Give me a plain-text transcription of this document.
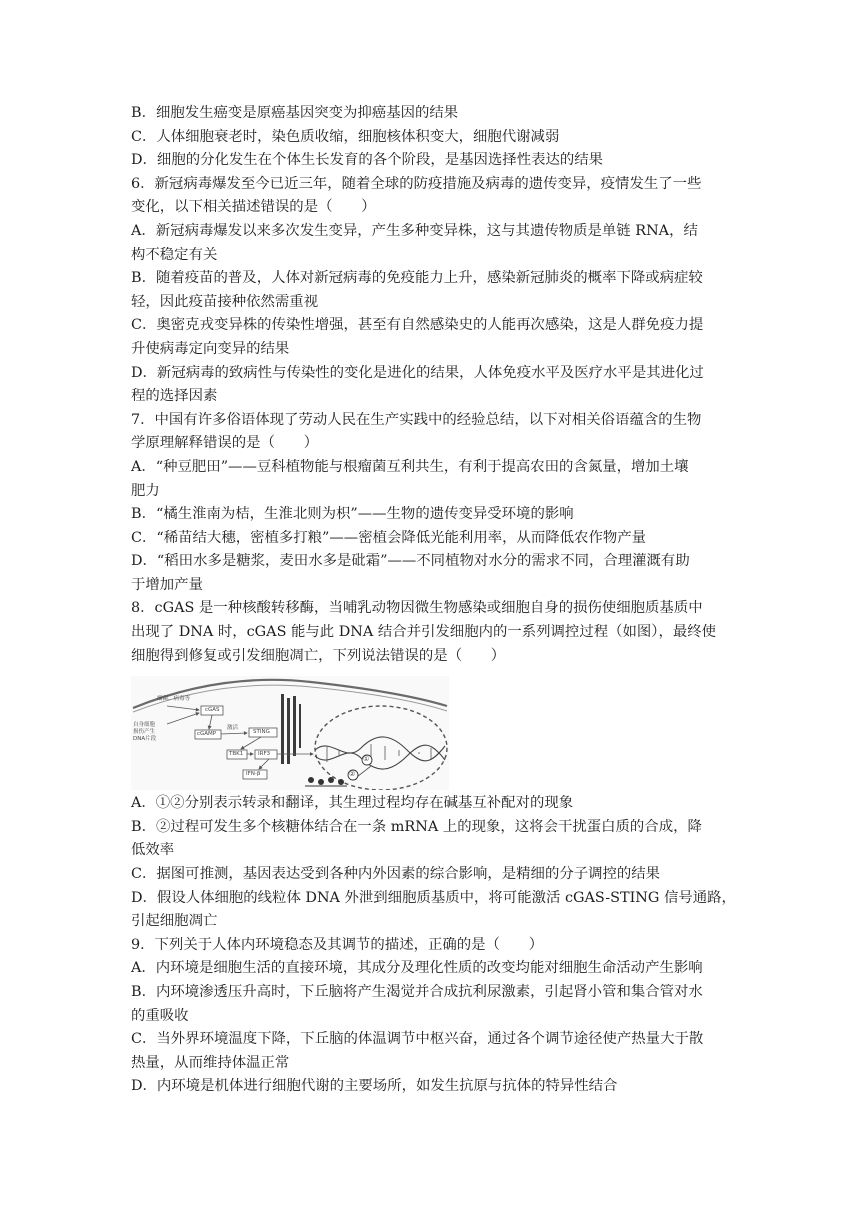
B．细胞发生癌变是原癌基因突变为抑癌基因的结果

C．人体细胞衰老时，染色质收缩，细胞核体积变大，细胞代谢减弱

D．细胞的分化发生在个体生长发育的各个阶段，是基因选择性表达的结果

6．新冠病毒爆发至今已近三年，随着全球的防疫措施及病毒的遗传变异，疫情发生了一些

变化，以下相关描述错误的是（　　）

A．新冠病毒爆发以来多次发生变异，产生多种变异株，这与其遗传物质是单链 RNA，结

构不稳定有关

B．随着疫苗的普及，人体对新冠病毒的免疫能力上升，感染新冠肺炎的概率下降或病症较

轻，因此疫苗接种依然需重视

C．奥密克戎变异株的传染性增强，甚至有自然感染史的人能再次感染，这是人群免疫力提

升使病毒定向变异的结果

D．新冠病毒的致病性与传染性的变化是进化的结果，人体免疫水平及医疗水平是其进化过

程的选择因素

7．中国有许多俗语体现了劳动人民在生产实践中的经验总结，以下对相关俗语蕴含的生物

学原理解释错误的是（　　）

A．“种豆肥田”——豆科植物能与根瘤菌互利共生，有利于提高农田的含氮量，增加土壤

肥力

B．“橘生淮南为桔，生淮北则为枳”——生物的遗传变异受环境的影响

C．“稀苗结大穗，密植多打粮”——密植会降低光能利用率，从而降低农作物产量

D．“稻田水多是糖浆，麦田水多是砒霜”——不同植物对水分的需求不同，合理灌溉有助

于增加产量

8．cGAS 是一种核酸转移酶，当哺乳动物因微生物感染或细胞自身的损伤使细胞质基质中

出现了 DNA 时，cGAS 能与此 DNA 结合并引发细胞内的一系列调控过程（如图），最终使

细胞得到修复或引发细胞凋亡，下列说法错误的是（　　）

细菌、病毒等
自身细胞
损伤产生
DNA片段
cGAS
cGAMP
激活
STING
TBK1	IRF3
IFN-β
①
②

A．①②分别表示转录和翻译，其生理过程均存在碱基互补配对的现象

B．②过程可发生多个核糖体结合在一条 mRNA 上的现象，这将会干扰蛋白质的合成，降

低效率

C．据图可推测，基因表达受到各种内外因素的综合影响，是精细的分子调控的结果

D．假设人体细胞的线粒体 DNA 外泄到细胞质基质中，将可能激活 cGAS-STING 信号通路，

引起细胞凋亡

9．下列关于人体内环境稳态及其调节的描述，正确的是（　　）

A．内环境是细胞生活的直接环境，其成分及理化性质的改变均能对细胞生命活动产生影响

B．内环境渗透压升高时，下丘脑将产生渴觉并合成抗利尿激素，引起肾小管和集合管对水

的重吸收

C．当外界环境温度下降，下丘脑的体温调节中枢兴奋，通过各个调节途径使产热量大于散

热量，从而维持体温正常

D．内环境是机体进行细胞代谢的主要场所，如发生抗原与抗体的特异性结合
